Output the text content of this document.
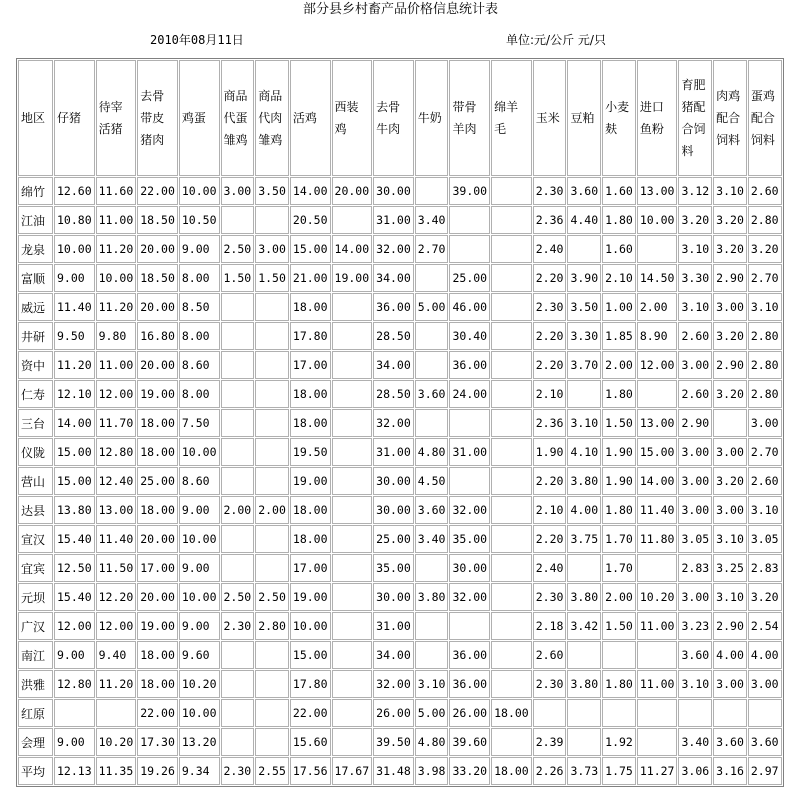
部分县乡村畜产品价格信息统计表
2010年08月11日	单位:元/公斤 元/只
地区	仔猪	待宰活猪	去骨带皮猪肉	鸡蛋	商品代蛋雏鸡	商品代肉雏鸡	活鸡	西装鸡	去骨牛肉	牛奶	带骨羊肉	绵羊毛	玉米	豆粕	小麦麸	进口鱼粉	育肥猪配合饲料	肉鸡配合饲料	蛋鸡配合饲料
绵竹	12.60	11.60	22.00	10.00	3.00	3.50	14.00	20.00	30.00		39.00		2.30	3.60	1.60	13.00	3.12	3.10	2.60
江油	10.80	11.00	18.50	10.50			20.50		31.00	3.40			2.36	4.40	1.80	10.00	3.20	3.20	2.80
龙泉	10.00	11.20	20.00	9.00	2.50	3.00	15.00	14.00	32.00	2.70			2.40		1.60		3.10	3.20	3.20
富顺	9.00	10.00	18.50	8.00	1.50	1.50	21.00	19.00	34.00		25.00		2.20	3.90	2.10	14.50	3.30	2.90	2.70
威远	11.40	11.20	20.00	8.50			18.00		36.00	5.00	46.00		2.30	3.50	1.00	2.00	3.10	3.00	3.10
井研	9.50	9.80	16.80	8.00			17.80		28.50		30.40		2.20	3.30	1.85	8.90	2.60	3.20	2.80
资中	11.20	11.00	20.00	8.60			17.00		34.00		36.00		2.20	3.70	2.00	12.00	3.00	2.90	2.80
仁寿	12.10	12.00	19.00	8.00			18.00		28.50	3.60	24.00		2.10		1.80		2.60	3.20	2.80
三台	14.00	11.70	18.00	7.50			18.00		32.00				2.36	3.10	1.50	13.00	2.90		3.00
仪陇	15.00	12.80	18.00	10.00			19.50		31.00	4.80	31.00		1.90	4.10	1.90	15.00	3.00	3.00	2.70
营山	15.00	12.40	25.00	8.60			19.00		30.00	4.50			2.20	3.80	1.90	14.00	3.00	3.20	2.60
达县	13.80	13.00	18.00	9.00	2.00	2.00	18.00		30.00	3.60	32.00		2.10	4.00	1.80	11.40	3.00	3.00	3.10
宣汉	15.40	11.40	20.00	10.00			18.00		25.00	3.40	35.00		2.20	3.75	1.70	11.80	3.05	3.10	3.05
宜宾	12.50	11.50	17.00	9.00			17.00		35.00		30.00		2.40		1.70		2.83	3.25	2.83
元坝	15.40	12.20	20.00	10.00	2.50	2.50	19.00		30.00	3.80	32.00		2.30	3.80	2.00	10.20	3.00	3.10	3.20
广汉	12.00	12.00	19.00	9.00	2.30	2.80	10.00		31.00				2.18	3.42	1.50	11.00	3.23	2.90	2.54
南江	9.00	9.40	18.00	9.60			15.00		34.00		36.00		2.60				3.60	4.00	4.00
洪雅	12.80	11.20	18.00	10.20			17.80		32.00	3.10	36.00		2.30	3.80	1.80	11.00	3.10	3.00	3.00
红原			22.00	10.00			22.00		26.00	5.00	26.00	18.00							
会理	9.00	10.20	17.30	13.20			15.60		39.50	4.80	39.60		2.39		1.92		3.40	3.60	3.60
平均	12.13	11.35	19.26	9.34	2.30	2.55	17.56	17.67	31.48	3.98	33.20	18.00	2.26	3.73	1.75	11.27	3.06	3.16	2.97
